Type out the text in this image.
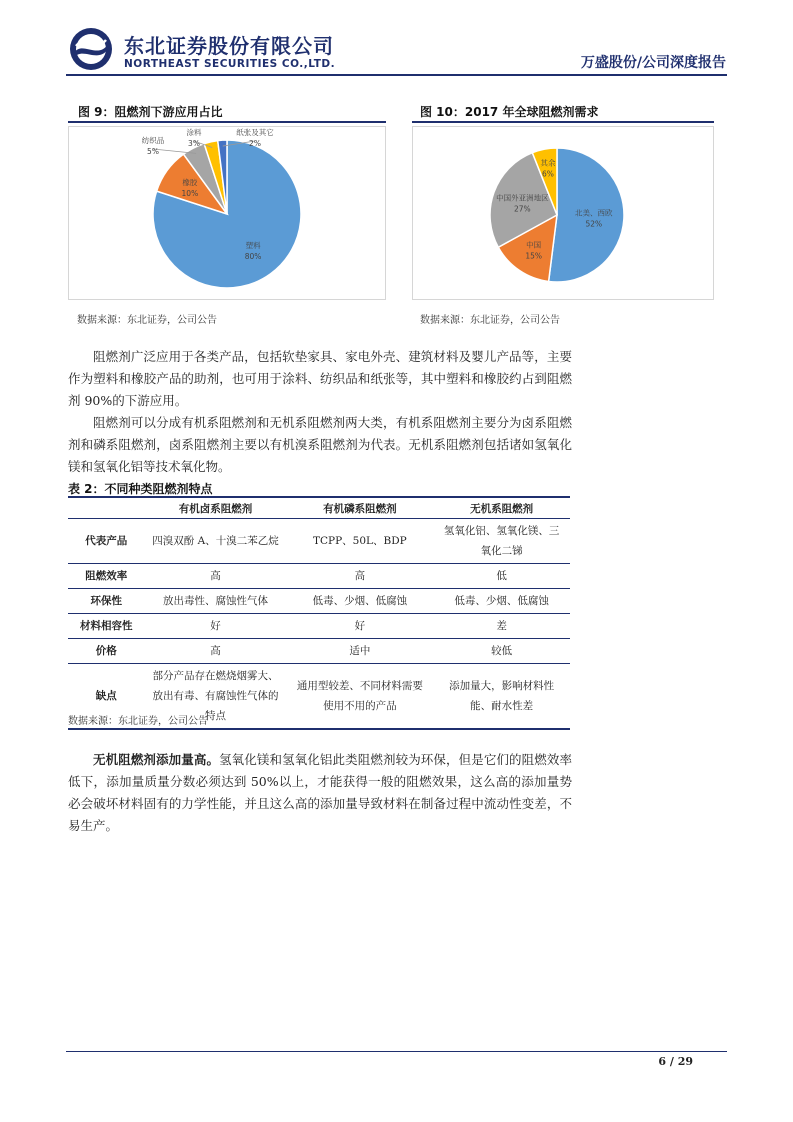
东北证券股份有限公司
NORTHEAST SECURITIES CO.,LTD.	万盛股份/公司深度报告
图 9：阻燃剂下游应用占比
塑料
80%
橡胶
10%
纺织品
5%
涂料
3%
纸张及其它
2%
数据来源：东北证券，公司公告
图 10：2017 年全球阻燃剂需求
北美、西欧
52%
中国
15%
中国外亚洲地区
27%
其余
6%
数据来源：东北证券，公司公告

阻燃剂广泛应用于各类产品，包括软垫家具、家电外壳、建筑材料及婴儿产品等，主要作为塑料和橡胶产品的助剂，也可用于涂料、纺织品和纸张等，其中塑料和橡胶约占到阻燃剂 90%的下游应用。

阻燃剂可以分成有机系阻燃剂和无机系阻燃剂两大类，有机系阻燃剂主要分为卤系阻燃剂和磷系阻燃剂，卤系阻燃剂主要以有机溴系阻燃剂为代表。无机系阻燃剂包括诸如氢氧化镁和氢氧化铝等技术氧化物。

表 2：不同种类阻燃剂特点
	有机卤系阻燃剂	有机磷系阻燃剂	无机系阻燃剂
代表产品	四溴双酚 A、十溴二苯乙烷	TCPP、50L、BDP	氢氧化铝、氢氧化镁、三氧化二锑
阻燃效率	高	高	低
环保性	放出毒性、腐蚀性气体	低毒、少烟、低腐蚀	低毒、少烟、低腐蚀
材料相容性	好	好	差
价格	高	适中	较低
缺点	部分产品存在燃烧烟雾大、放出有毒、有腐蚀性气体的特点	通用型较差、不同材料需要使用不用的产品	添加量大，影响材料性能、耐水性差
数据来源：东北证券，公司公告

无机阻燃剂添加量高。氢氧化镁和氢氧化铝此类阻燃剂较为环保，但是它们的阻燃效率低下，添加量质量分数必须达到 50%以上，才能获得一般的阻燃效果，这么高的添加量势必会破坏材料固有的力学性能，并且这么高的添加量导致材料在制备过程中流动性变差，不易生产。

6 / 29
